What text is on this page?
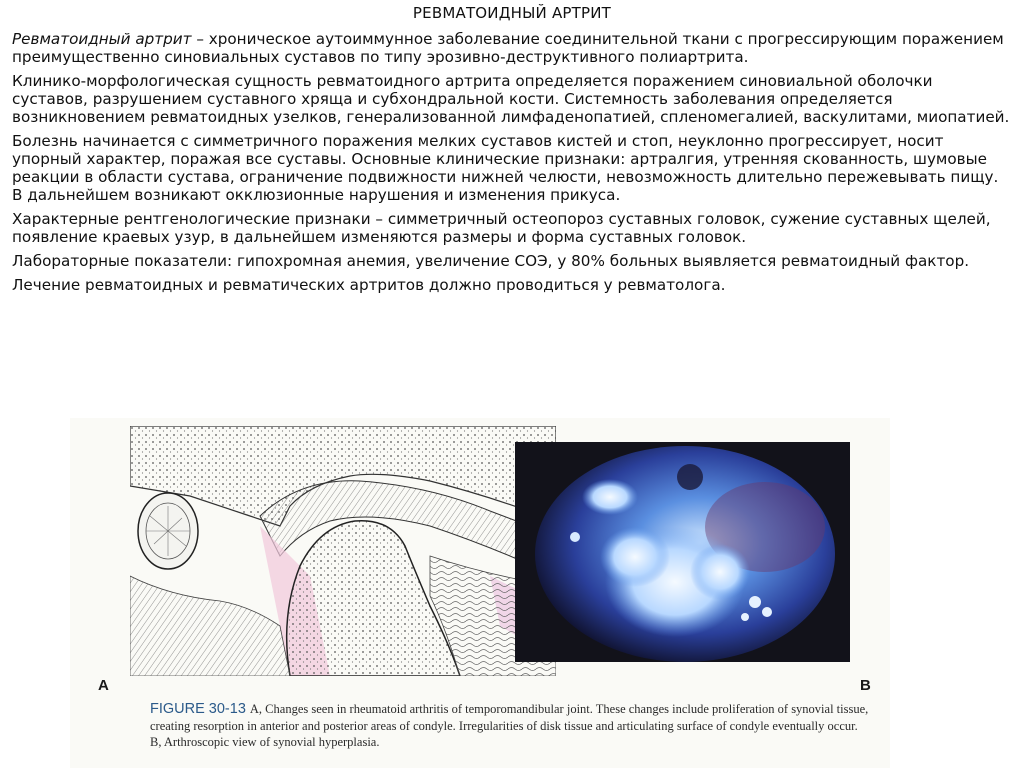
РЕВМАТОИДНЫЙ АРТРИТ

Ревматоидный артрит – хроническое аутоиммунное заболевание соединительной ткани с прогрессирующим поражением преимущественно синовиальных суставов по типу эрозивно-деструктивного полиартрита.

Клинико-морфологическая сущность ревматоидного артрита определяется поражением синовиальной оболочки суставов, разрушением суставного хряща и субхондральной кости. Системность заболевания определяется возникновением ревматоидных узелков, генерализованной лимфаденопатией, спленомегалией, васкулитами, миопатией.

Болезнь начинается с симметричного поражения мелких суставов кистей и стоп, неуклонно прогрессирует, носит упорный характер, поражая все суставы. Основные клинические признаки: артралгия, утренняя скованность, шумовые реакции в области сустава, ограничение подвижности нижней челюсти, невозможность длительно пережевывать пищу. В дальнейшем возникают окклюзионные нарушения и изменения прикуса.

Характерные рентгенологические признаки – симметричный остеопороз суставных головок, сужение суставных щелей, появление краевых узур, в дальнейшем изменяются размеры и форма суставных головок.

Лабораторные показатели: гипохромная анемия, увеличение СОЭ, у 80% больных выявляется ревматоидный фактор.

Лечение ревматоидных и ревматических артритов должно проводиться у ревматолога.

A	B
FIGURE 30-13 A, Changes seen in rheumatoid arthritis of temporomandibular joint. These changes include proliferation of synovial tissue, creating resorption in anterior and posterior areas of condyle. Irregularities of disk tissue and articulating surface of condyle eventually occur. B, Arthroscopic view of synovial hyperplasia.
